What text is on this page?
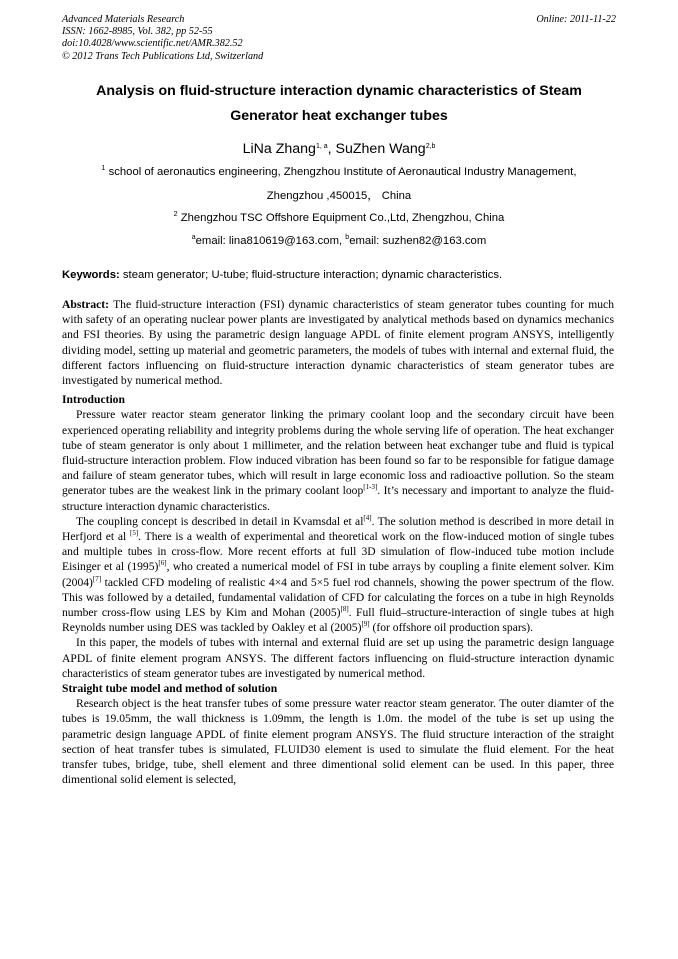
Advanced Materials Research
ISSN: 1662-8985, Vol. 382, pp 52-55
doi:10.4028/www.scientific.net/AMR.382.52
© 2012 Trans Tech Publications Ltd, Switzerland
Online: 2011-11-22
Analysis on fluid-structure interaction dynamic characteristics of Steam
Generator heat exchanger tubes
LiNa Zhang$^{1, a}$, SuZhen Wang$^{2,b}$
$^1$ school of aeronautics engineering, Zhengzhou Institute of Aeronautical Industry Management,
Zhengzhou ,450015， China
$^2$ Zhengzhou TSC Offshore Equipment Co.,Ltd, Zhengzhou, China
$^a$email: lina810619@163.com, $^b$email: suzhen82@163.com
Keywords: steam generator; U-tube; fluid-structure interaction; dynamic characteristics.

Abstract: The fluid-structure interaction (FSI) dynamic characteristics of steam generator tubes counting for much with safety of an operating nuclear power plants are investigated by analytical methods based on dynamics mechanics and FSI theories. By using the parametric design language APDL of finite element program ANSYS, intelligently dividing model, setting up material and geometric parameters, the models of tubes with internal and external fluid, the different factors influencing on fluid-structure interaction dynamic characteristics of steam generator tubes are investigated by numerical method.

Introduction

Pressure water reactor steam generator linking the primary coolant loop and the secondary circuit have been experienced operating reliability and integrity problems during the whole serving life of operation. The heat exchanger tube of steam generator is only about 1 millimeter, and the relation between heat exchanger tube and fluid is typical fluid-structure interaction problem. Flow induced vibration has been found so far to be responsible for fatigue damage and failure of steam generator tubes, which will result in large economic loss and radioactive pollution. So the steam generator tubes are the weakest link in the primary coolant loop[1-3]. It’s necessary and important to analyze the fluid-structure interaction dynamic characteristics.

The coupling concept is described in detail in Kvamsdal et al[4]. The solution method is described in more detail in Herfjord et al [5]. There is a wealth of experimental and theoretical work on the flow-induced motion of single tubes and multiple tubes in cross-flow. More recent efforts at full 3D simulation of flow-induced tube motion include Eisinger et al (1995)[6], who created a numerical model of FSI in tube arrays by coupling a finite element solver. Kim (2004)[7] tackled CFD modeling of realistic 4×4 and 5×5 fuel rod channels, showing the power spectrum of the flow. This was followed by a detailed, fundamental validation of CFD for calculating the forces on a tube in high Reynolds number cross-flow using LES by Kim and Mohan (2005)[8]. Full fluid–structure-interaction of single tubes at high Reynolds number using DES was tackled by Oakley et al (2005)[9] (for offshore oil production spars).

In this paper, the models of tubes with internal and external fluid are set up using the parametric design language APDL of finite element program ANSYS. The different factors influencing on fluid-structure interaction dynamic characteristics of steam generator tubes are investigated by numerical method.

Straight tube model and method of solution

Research object is the heat transfer tubes of some pressure water reactor steam generator. The outer diamter of the tubes is 19.05mm, the wall thickness is 1.09mm, the length is 1.0m. the model of the tube is set up using the parametric design language APDL of finite element program ANSYS. The fluid structure interaction of the straight section of heat transfer tubes is simulated, FLUID30 element is used to simulate the fluid element. For the heat transfer tubes, bridge, tube, shell element and three dimentional solid element can be used. In this paper, three dimentional solid element is selected,
